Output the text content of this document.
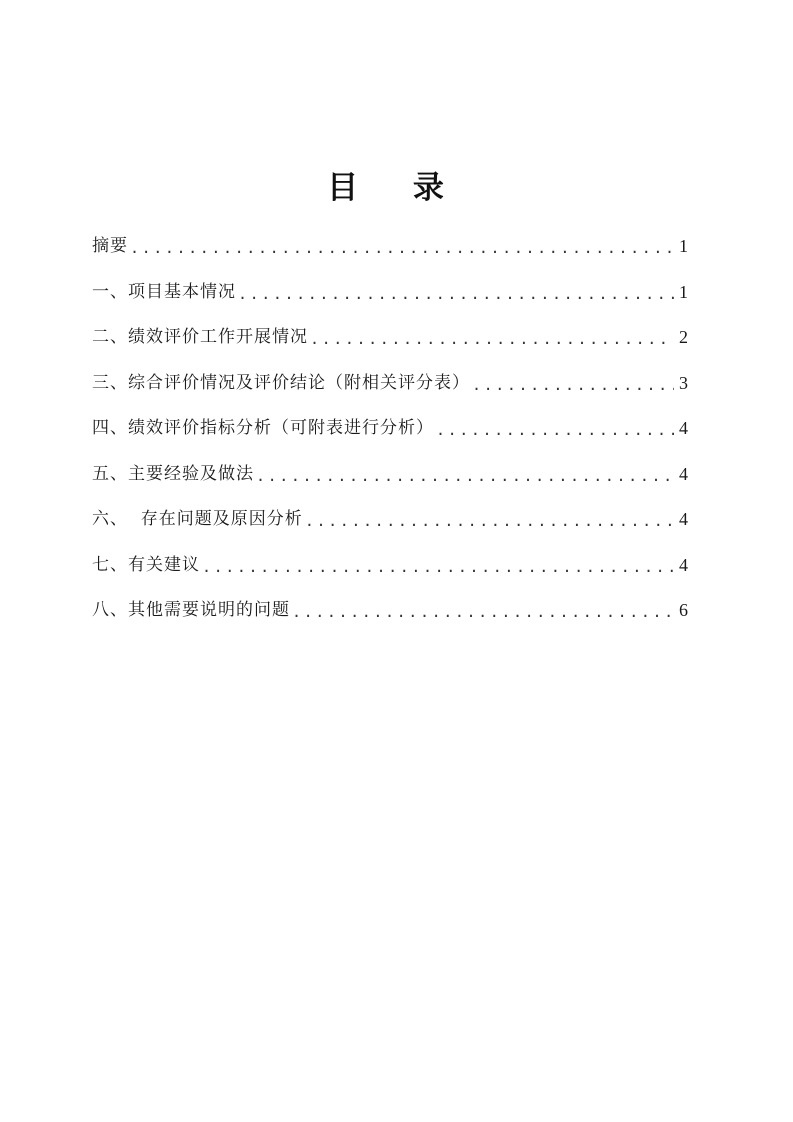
目 录
摘要 .....	1
一、项目基本情况 .....	1
二、绩效评价工作开展情况 .....	2
三、综合评价情况及评价结论（附相关评分表） .....	3
四、绩效评价指标分析（可附表进行分析） .....	4
五、主要经验及做法 .....	4
六、  存在问题及原因分析 .....	4
七、有关建议 .....	4
八、其他需要说明的问题 .....	6
